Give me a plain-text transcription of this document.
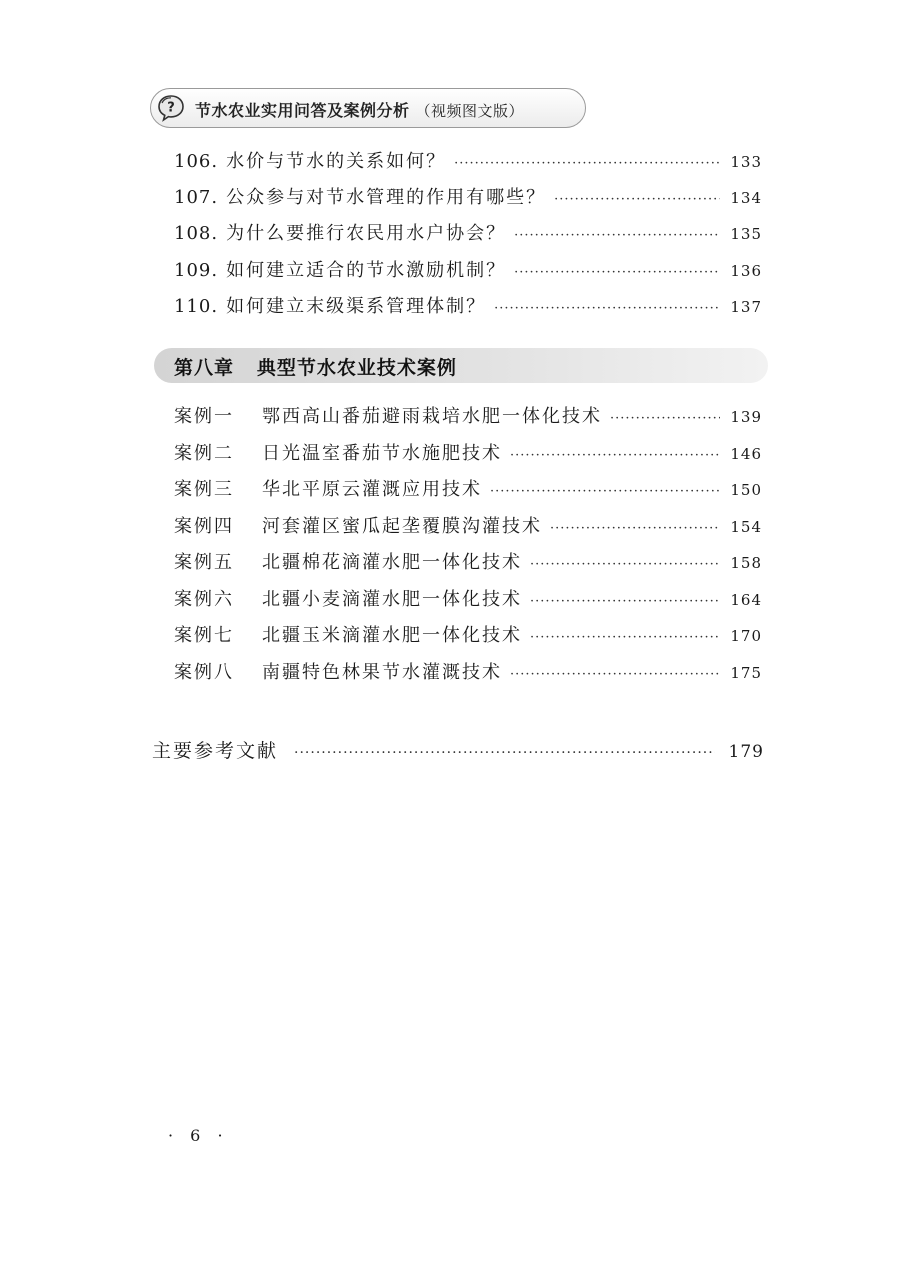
? 节水农业实用问答及案例分析 （视频图文版）
106. 水价与节水的关系如何？ ·····	133
107. 公众参与对节水管理的作用有哪些？ ·····	134
108. 为什么要推行农民用水户协会？ ·····	135
109. 如何建立适合的节水激励机制？ ·····	136
110. 如何建立末级渠系管理体制？ ·····	137
第八章 典型节水农业技术案例
案例一	鄂西高山番茄避雨栽培水肥一体化技术 ·····	139
案例二	日光温室番茄节水施肥技术 ·····	146
案例三	华北平原云灌溉应用技术 ·····	150
案例四	河套灌区蜜瓜起垄覆膜沟灌技术 ·····	154
案例五	北疆棉花滴灌水肥一体化技术 ·····	158
案例六	北疆小麦滴灌水肥一体化技术 ·····	164
案例七	北疆玉米滴灌水肥一体化技术 ·····	170
案例八	南疆特色林果节水灌溉技术 ·····	175
主要参考文献 ·····	179
· 6 ·
